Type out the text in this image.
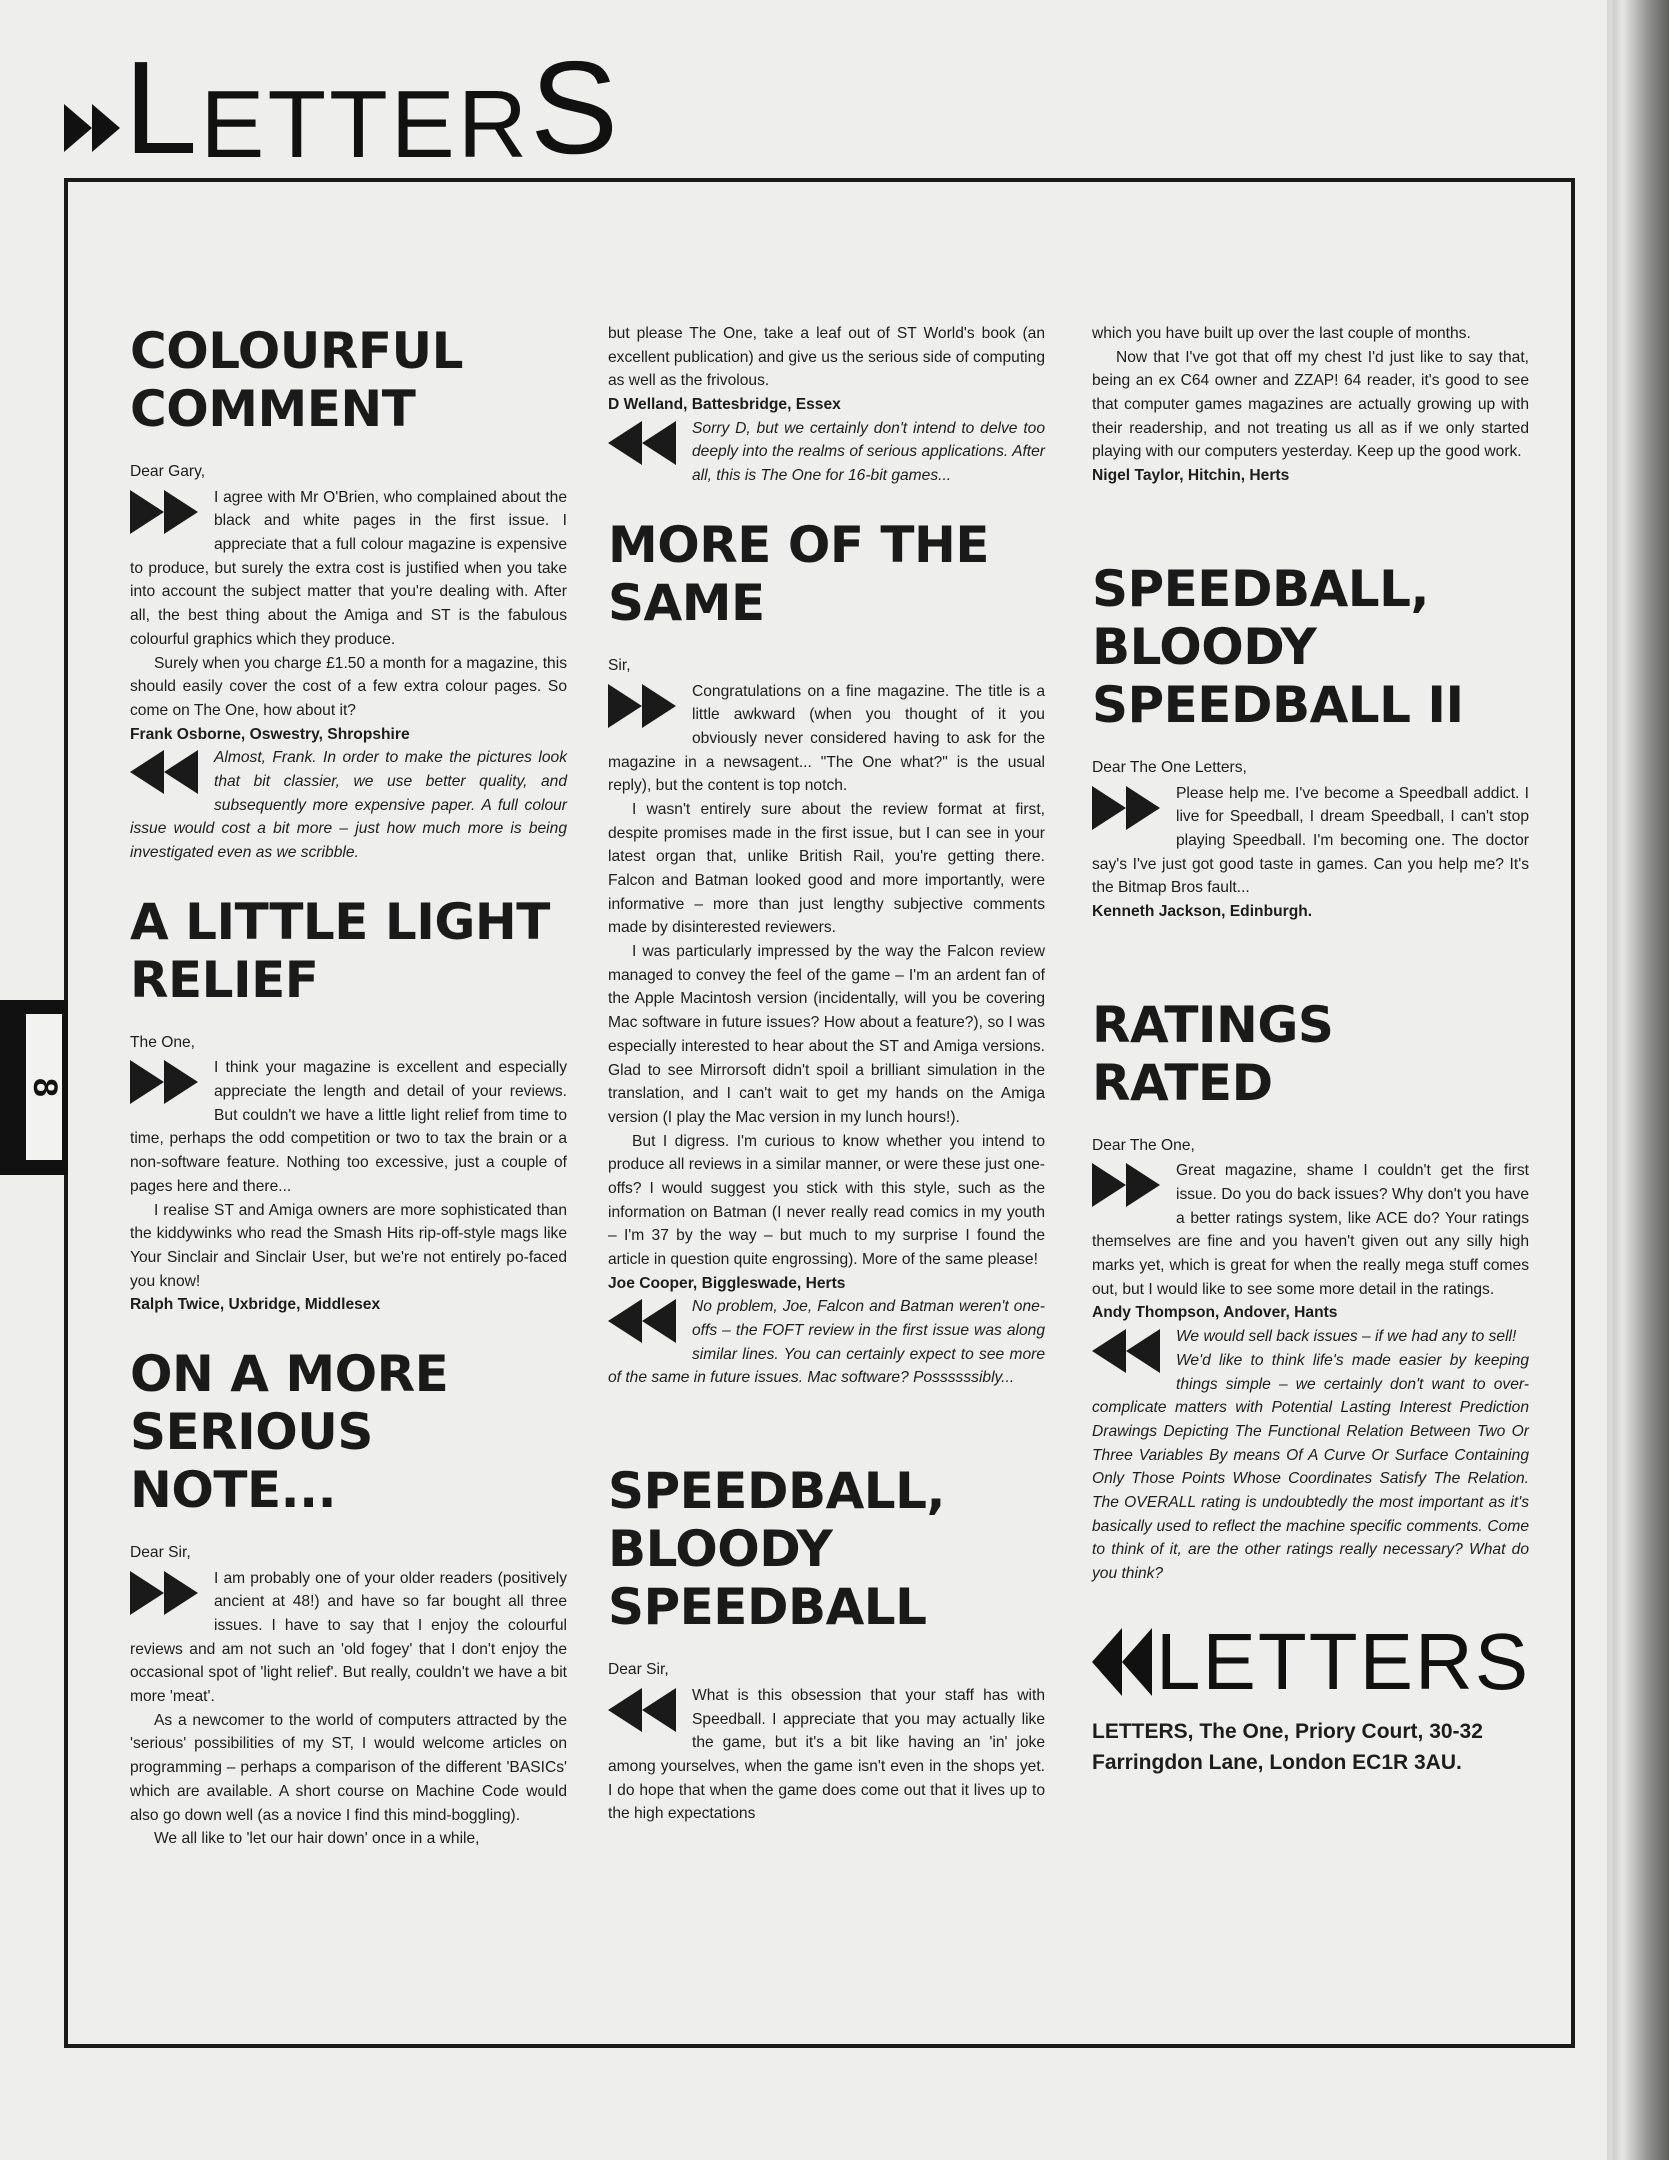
L ETTER S
8
COLOURFUL COMMENT
Dear Gary,

I agree with Mr O'Brien, who complained about the black and white pages in the first issue. I appreciate that a full colour magazine is expensive to produce, but surely the extra cost is justified when you take into account the subject matter that you're dealing with. After all, the best thing about the Amiga and ST is the fabulous colourful graphics which they produce.

Surely when you charge £1.50 a month for a magazine, this should easily cover the cost of a few extra colour pages. So come on The One, how about it?

Frank Osborne, Oswestry, Shropshire

Almost, Frank. In order to make the pictures look that bit classier, we use better quality, and subsequently more expensive paper. A full colour issue would cost a bit more – just how much more is being investigated even as we scribble.

A LITTLE LIGHT RELIEF
The One,

I think your magazine is excellent and especially appreciate the length and detail of your reviews. But couldn't we have a little light relief from time to time, perhaps the odd competition or two to tax the brain or a non-software feature. Nothing too excessive, just a couple of pages here and there...

I realise ST and Amiga owners are more sophisticated than the kiddywinks who read the Smash Hits rip-off-style mags like Your Sinclair and Sinclair User, but we're not entirely po-faced you know!

Ralph Twice, Uxbridge, Middlesex

ON A MORE SERIOUS NOTE...
Dear Sir,

I am probably one of your older readers (positively ancient at 48!) and have so far bought all three issues. I have to say that I enjoy the colourful reviews and am not such an 'old fogey' that I don't enjoy the occasional spot of 'light relief'. But really, couldn't we have a bit more 'meat'.

As a newcomer to the world of computers attracted by the 'serious' possibilities of my ST, I would welcome articles on programming – perhaps a comparison of the different 'BASICs' which are available. A short course on Machine Code would also go down well (as a novice I find this mind-boggling).

We all like to 'let our hair down' once in a while,

but please The One, take a leaf out of ST World's book (an excellent publication) and give us the serious side of computing as well as the frivolous.

D Welland, Battesbridge, Essex

Sorry D, but we certainly don't intend to delve too deeply into the realms of serious applications. After all, this is The One for 16-bit games...

MORE OF THE SAME
Sir,

Congratulations on a fine magazine. The title is a little awkward (when you thought of it you obviously never considered having to ask for the magazine in a newsagent... "The One what?" is the usual reply), but the content is top notch.

I wasn't entirely sure about the review format at first, despite promises made in the first issue, but I can see in your latest organ that, unlike British Rail, you're getting there. Falcon and Batman looked good and more importantly, were informative – more than just lengthy subjective comments made by disinterested reviewers.

I was particularly impressed by the way the Falcon review managed to convey the feel of the game – I'm an ardent fan of the Apple Macintosh version (incidentally, will you be covering Mac software in future issues? How about a feature?), so I was especially interested to hear about the ST and Amiga versions. Glad to see Mirrorsoft didn't spoil a brilliant simulation in the translation, and I can't wait to get my hands on the Amiga version (I play the Mac version in my lunch hours!).

But I digress. I'm curious to know whether you intend to produce all reviews in a similar manner, or were these just one-offs? I would suggest you stick with this style, such as the information on Batman (I never really read comics in my youth – I'm 37 by the way – but much to my surprise I found the article in question quite engrossing). More of the same please!

Joe Cooper, Biggleswade, Herts

No problem, Joe, Falcon and Batman weren't one-offs – the FOFT review in the first issue was along similar lines. You can certainly expect to see more of the same in future issues. Mac software? Possssssibly...

SPEEDBALL, BLOODY SPEEDBALL
Dear Sir,

What is this obsession that your staff has with Speedball. I appreciate that you may actually like the game, but it's a bit like having an 'in' joke among yourselves, when the game isn't even in the shops yet. I do hope that when the game does come out that it lives up to the high expectations

which you have built up over the last couple of months.

Now that I've got that off my chest I'd just like to say that, being an ex C64 owner and ZZAP! 64 reader, it's good to see that computer games magazines are actually growing up with their readership, and not treating us all as if we only started playing with our computers yesterday. Keep up the good work.

Nigel Taylor, Hitchin, Herts

SPEEDBALL, BLOODY SPEEDBALL II
Dear The One Letters,

Please help me. I've become a Speedball addict. I live for Speedball, I dream Speedball, I can't stop playing Speedball. I'm becoming one. The doctor say's I've just got good taste in games. Can you help me? It's the Bitmap Bros fault...

Kenneth Jackson, Edinburgh.

RATINGS RATED
Dear The One,

Great magazine, shame I couldn't get the first issue. Do you do back issues? Why don't you have a better ratings system, like ACE do? Your ratings themselves are fine and you haven't given out any silly high marks yet, which is great for when the really mega stuff comes out, but I would like to see some more detail in the ratings.

Andy Thompson, Andover, Hants

We would sell back issues – if we had any to sell!

We'd like to think life's made easier by keeping things simple – we certainly don't want to over-complicate matters with Potential Lasting Interest Prediction Drawings Depicting The Functional Relation Between Two Or Three Variables By means Of A Curve Or Surface Containing Only Those Points Whose Coordinates Satisfy The Relation. The OVERALL rating is undoubtedly the most important as it's basically used to reflect the machine specific comments. Come to think of it, are the other ratings really necessary? What do you think?

LETTERS
LETTERS, The One, Priory Court, 30-32 Farringdon Lane, London EC1R 3AU.
